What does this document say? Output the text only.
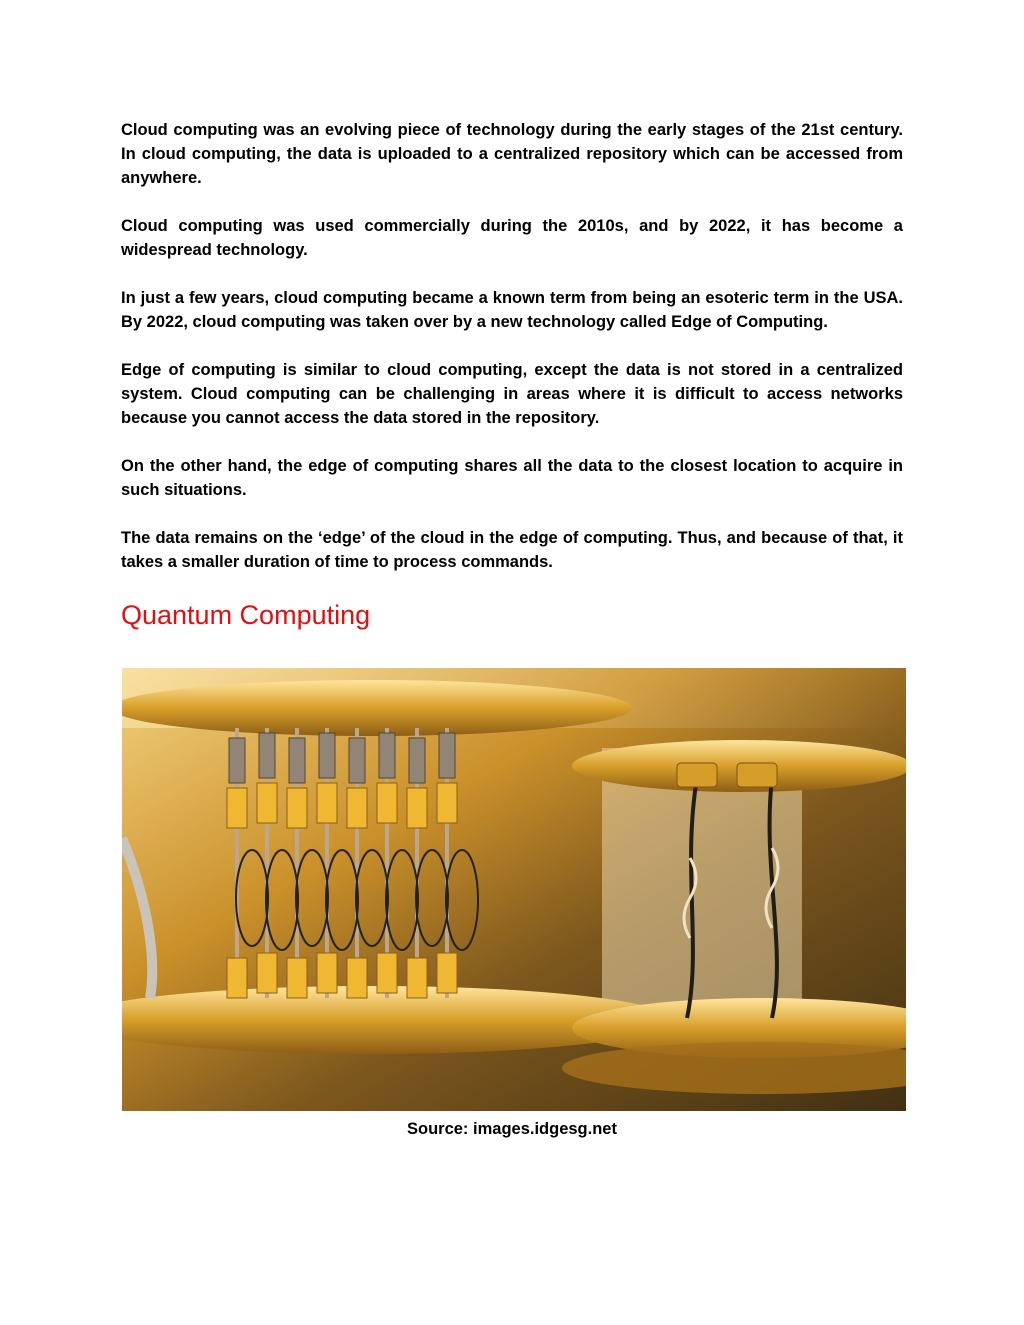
Cloud computing was an evolving piece of technology during the early stages of the 21st century. In cloud computing, the data is uploaded to a centralized repository which can be accessed from anywhere.

Cloud computing was used commercially during the 2010s, and by 2022, it has become a widespread technology.

In just a few years, cloud computing became a known term from being an esoteric term in the USA. By 2022, cloud computing was taken over by a new technology called Edge of Computing.

Edge of computing is similar to cloud computing, except the data is not stored in a centralized system. Cloud computing can be challenging in areas where it is difficult to access networks because you cannot access the data stored in the repository.

On the other hand, the edge of computing shares all the data to the closest location to acquire in such situations.

The data remains on the ‘edge’ of the cloud in the edge of computing. Thus, and because of that, it takes a smaller duration of time to process commands.

Quantum Computing
Source: images.idgesg.net
